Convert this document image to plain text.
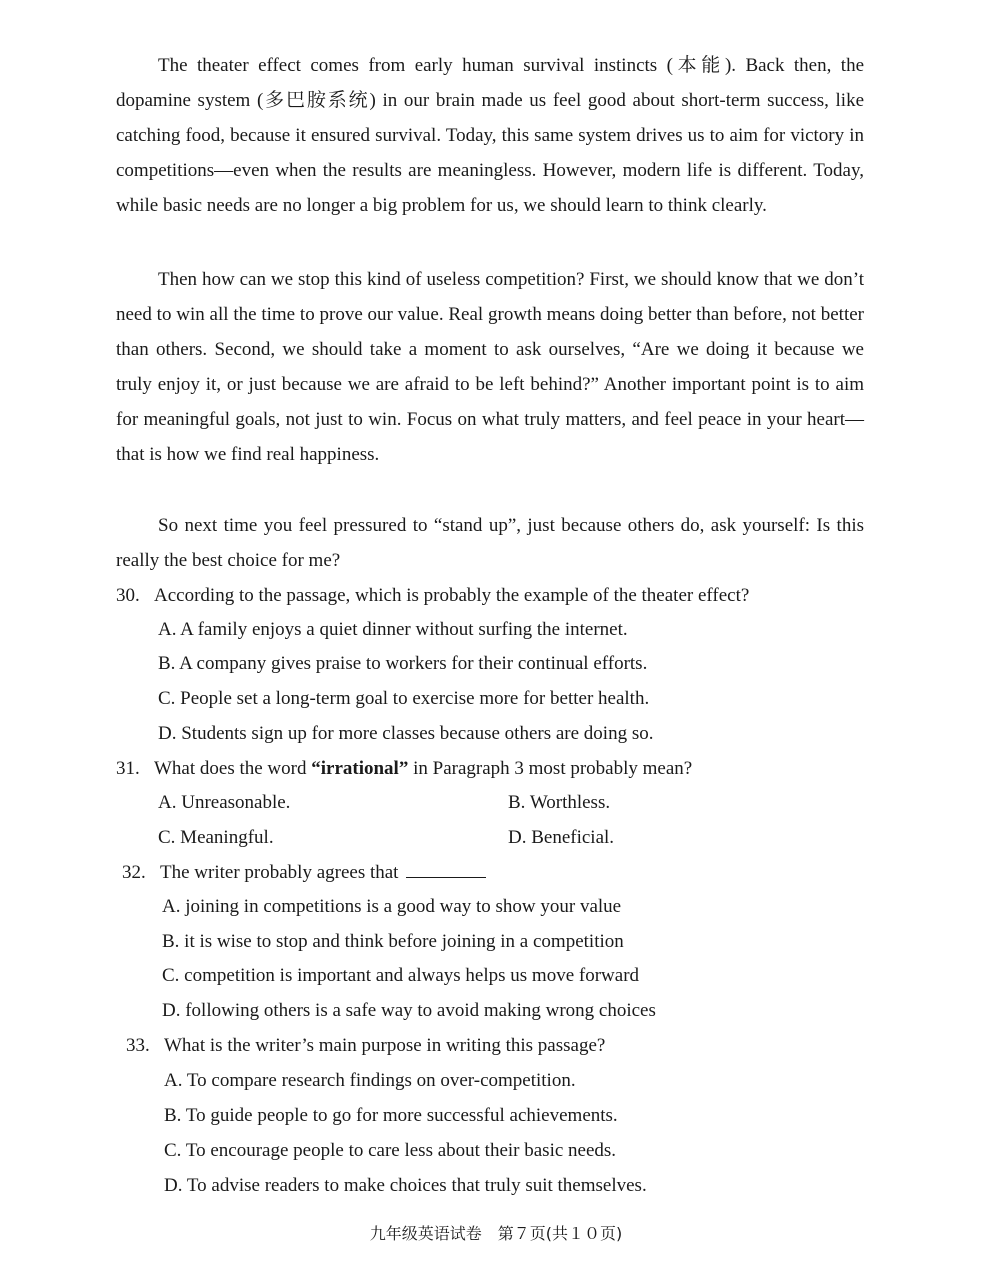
The theater effect comes from early human survival instincts (本能). Back then, the dopamine system (多巴胺系统) in our brain made us feel good about short-term success, like catching food, because it ensured survival. Today, this same system drives us to aim for victory in competitions—even when the results are meaningless. However, modern life is different. Today, while basic needs are no longer a big problem for us, we should learn to think clearly.

Then how can we stop this kind of useless competition? First, we should know that we don’t need to win all the time to prove our value. Real growth means doing better than before, not better than others. Second, we should take a moment to ask ourselves, “Are we doing it because we truly enjoy it, or just because we are afraid to be left behind?” Another important point is to aim for meaningful goals, not just to win. Focus on what truly matters, and feel peace in your heart—that is how we find real happiness.

So next time you feel pressured to “stand up”, just because others do, ask yourself: Is this really the best choice for me?

30. According to the passage, which is probably the example of the theater effect?
A. A family enjoys a quiet dinner without surfing the internet.
B. A company gives praise to workers for their continual efforts.
C. People set a long-term goal to exercise more for better health.
D. Students sign up for more classes because others are doing so.
31. What does the word “irrational” in Paragraph 3 most probably mean?
A. Unreasonable.	B. Worthless.
C. Meaningful.	D. Beneficial.
32. The writer probably agrees that
A. joining in competitions is a good way to show your value
B. it is wise to stop and think before joining in a competition
C. competition is important and always helps us move forward
D. following others is a safe way to avoid making wrong choices
33. What is the writer’s main purpose in writing this passage?
A. To compare research findings on over-competition.
B. To guide people to go for more successful achievements.
C. To encourage people to care less about their basic needs.
D. To advise readers to make choices that truly suit themselves.
九年级英语试卷　第７页(共１０页)
